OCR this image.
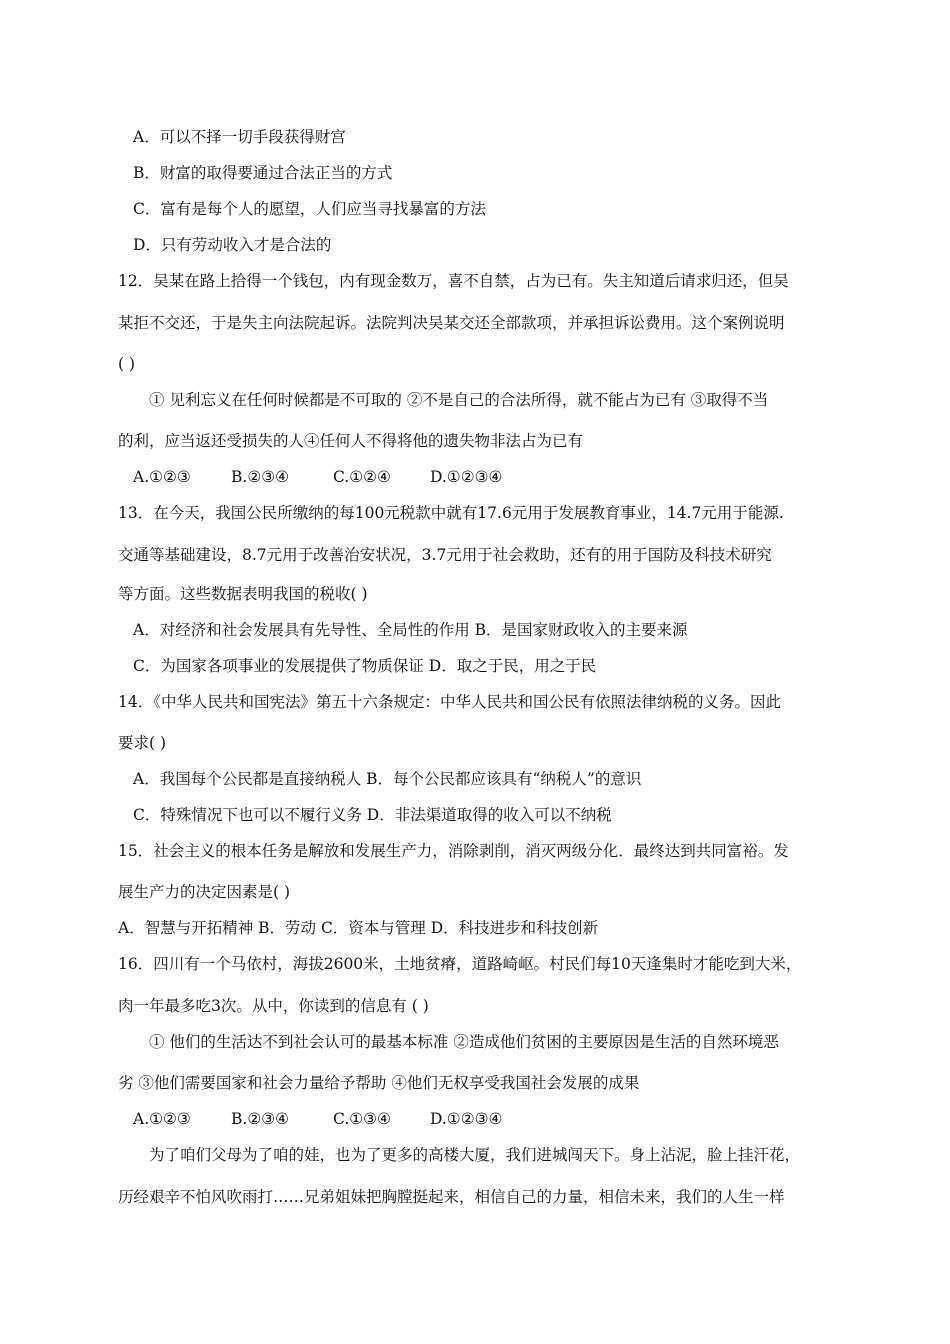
A．可以不择一切手段获得财宫
B．财富的取得要通过合法正当的方式
C．富有是每个人的愿望，人们应当寻找暴富的方法
D．只有劳动收入才是合法的
12．吴某在路上拾得一个钱包，内有现金数万，喜不自禁，占为已有。失主知道后请求归还，但吴
某拒不交还，于是失主向法院起诉。法院判决吴某交还全部款项，并承担诉讼费用。这个案例说明
( )
① 见利忘义在任何时候都是不可取的 ②不是自己的合法所得，就不能占为已有 ③取得不当
的利，应当返还受损失的人④任何人不得将他的遗失物非法占为已有
A.①②③	B.②③④	C.①②④	D.①②③④
13．在今天，我国公民所缴纳的每100元税款中就有17.6元用于发展教育事业，14.7元用于能源.
交通等基础建设，8.7元用于改善治安状况，3.7元用于社会救助，还有的用于国防及科技术研究
等方面。这些数据表明我国的税收( )
A．对经济和社会发展具有先导性、全局性的作用 B．是国家财政收入的主要来源
C．为国家各项事业的发展提供了物质保证 D．取之于民，用之于民
14．《中华人民共和国宪法》第五十六条规定：中华人民共和国公民有依照法律纳税的义务。因此
要求( )
A．我国每个公民都是直接纳税人 B．每个公民都应该具有“纳税人”的意识
C．特殊情况下也可以不履行义务 D．非法渠道取得的收入可以不纳税
15．社会主义的根本任务是解放和发展生产力，消除剥削，消灭两级分化．最终达到共同富裕。发
展生产力的决定因素是( )
A．智慧与开拓精神 B．劳动 C．资本与管理 D．科技进步和科技创新
16．四川有一个马依村，海拔2600米，土地贫瘠，道路崎岖。村民们每10天逢集时才能吃到大米，
肉一年最多吃3次。从中，你读到的信息有 ( )
① 他们的生活达不到社会认可的最基本标准 ②造成他们贫困的主要原因是生活的自然环境恶
劣 ③他们需要国家和社会力量给予帮助 ④他们无权享受我国社会发展的成果
A.①②③	B.②③④	C.①③④	D.①②③④
为了咱们父母为了咱的娃，也为了更多的高楼大厦，我们进城闯天下。身上沾泥，脸上挂汗花，
历经艰辛不怕风吹雨打……兄弟姐妹把胸膛挺起来，相信自己的力量，相信未来，我们的人生一样
